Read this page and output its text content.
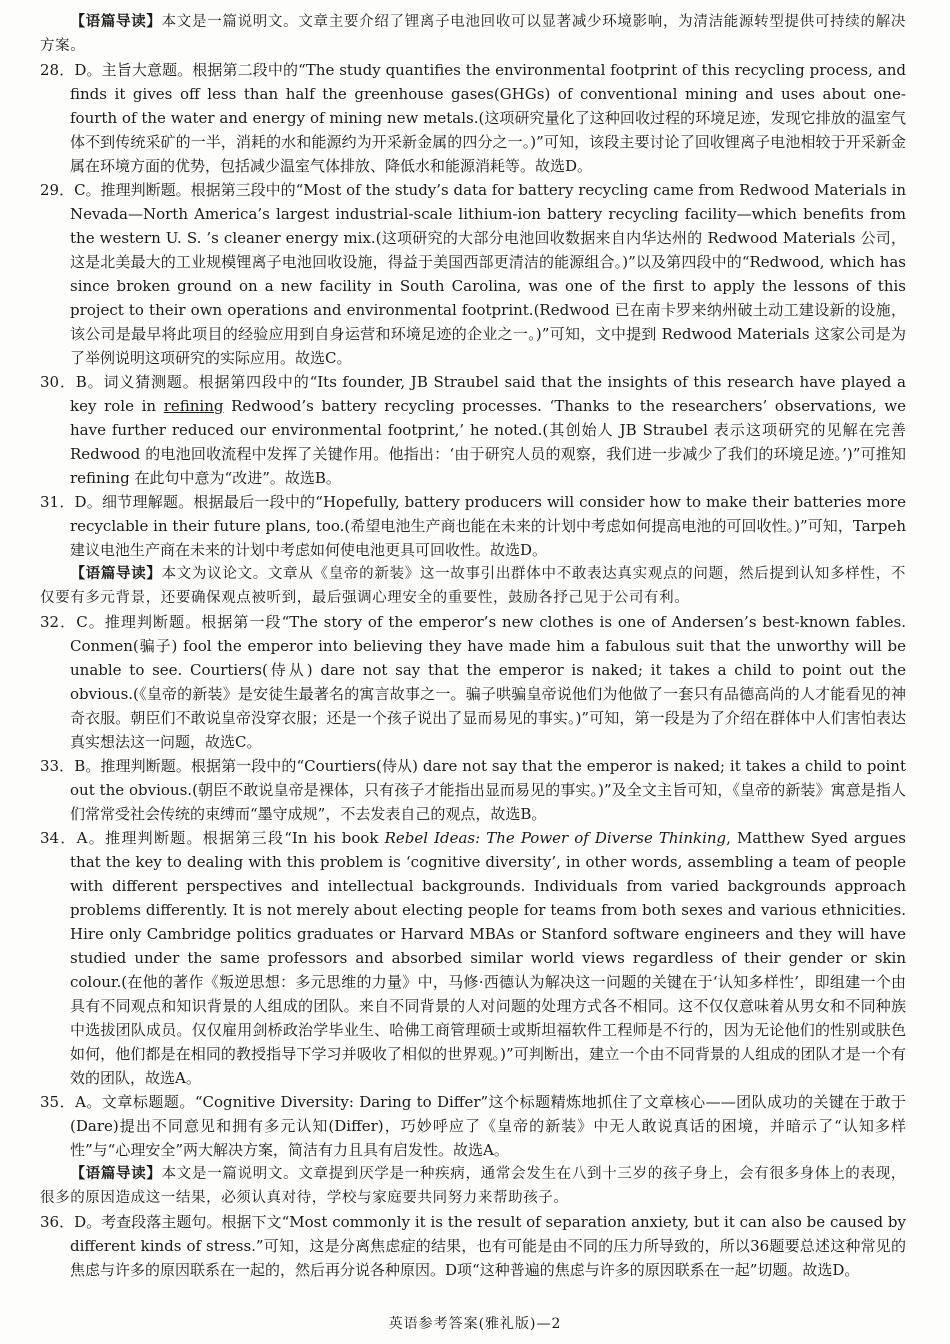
【语篇导读】本文是一篇说明文。文章主要介绍了锂离子电池回收可以显著减少环境影响，为清洁能源转型提供可持续的解决方案。

28．D。主旨大意题。根据第二段中的“The study quantifies the environmental footprint of this recycling process, and finds it gives off less than half the greenhouse gases(GHGs) of conventional mining and uses about one-fourth of the water and energy of mining new metals.(这项研究量化了这种回收过程的环境足迹，发现它排放的温室气体不到传统采矿的一半，消耗的水和能源约为开采新金属的四分之一。)”可知，该段主要讨论了回收锂离子电池相较于开采新金属在环境方面的优势，包括减少温室气体排放、降低水和能源消耗等。故选D。

29．C。推理判断题。根据第三段中的“Most of the study’s data for battery recycling came from Redwood Materials in Nevada—North America’s largest industrial-scale lithium-ion battery recycling facility—which benefits from the western U. S. ’s cleaner energy mix.(这项研究的大部分电池回收数据来自内华达州的 Redwood Materials 公司，这是北美最大的工业规模锂离子电池回收设施，得益于美国西部更清洁的能源组合。)”以及第四段中的“Redwood, which has since broken ground on a new facility in South Carolina, was one of the first to apply the lessons of this project to their own operations and environmental footprint.(Redwood 已在南卡罗来纳州破土动工建设新的设施，该公司是最早将此项目的经验应用到自身运营和环境足迹的企业之一。)”可知，文中提到 Redwood Materials 这家公司是为了举例说明这项研究的实际应用。故选C。

30．B。词义猜测题。根据第四段中的“Its founder, JB Straubel said that the insights of this research have played a key role in refining Redwood’s battery recycling processes. ‘Thanks to the researchers’ observations, we have further reduced our environmental footprint,’ he noted.(其创始人 JB Straubel 表示这项研究的见解在完善 Redwood 的电池回收流程中发挥了关键作用。他指出：‘由于研究人员的观察，我们进一步减少了我们的环境足迹。’)”可推知 refining 在此句中意为“改进”。故选B。

31．D。细节理解题。根据最后一段中的“Hopefully, battery producers will consider how to make their batteries more recyclable in their future plans, too.(希望电池生产商也能在未来的计划中考虑如何提高电池的可回收性。)”可知，Tarpeh 建议电池生产商在未来的计划中考虑如何使电池更具可回收性。故选D。

【语篇导读】本文为议论文。文章从《皇帝的新装》这一故事引出群体中不敢表达真实观点的问题，然后提到认知多样性，不仅要有多元背景，还要确保观点被听到，最后强调心理安全的重要性，鼓励各抒己见于公司有利。

32．C。推理判断题。根据第一段“The story of the emperor’s new clothes is one of Andersen’s best-known fables. Conmen(骗子) fool the emperor into believing they have made him a fabulous suit that the unworthy will be unable to see. Courtiers(侍从) dare not say that the emperor is naked; it takes a child to point out the obvious.(《皇帝的新装》是安徒生最著名的寓言故事之一。骗子哄骗皇帝说他们为他做了一套只有品德高尚的人才能看见的神奇衣服。朝臣们不敢说皇帝没穿衣服；还是一个孩子说出了显而易见的事实。)”可知，第一段是为了介绍在群体中人们害怕表达真实想法这一问题，故选C。

33．B。推理判断题。根据第一段中的“Courtiers(侍从) dare not say that the emperor is naked; it takes a child to point out the obvious.(朝臣不敢说皇帝是裸体，只有孩子才能指出显而易见的事实。)”及全文主旨可知，《皇帝的新装》寓意是指人们常常受社会传统的束缚而“墨守成规”，不去发表自己的观点，故选B。

34．A。推理判断题。根据第三段“In his book Rebel Ideas: The Power of Diverse Thinking, Matthew Syed argues that the key to dealing with this problem is ‘cognitive diversity’, in other words, assembling a team of people with different perspectives and intellectual backgrounds. Individuals from varied backgrounds approach problems differently. It is not merely about electing people for teams from both sexes and various ethnicities. Hire only Cambridge politics graduates or Harvard MBAs or Stanford software engineers and they will have studied under the same professors and absorbed similar world views regardless of their gender or skin colour.(在他的著作《叛逆思想：多元思维的力量》中，马修·西德认为解决这一问题的关键在于‘认知多样性’，即组建一个由具有不同观点和知识背景的人组成的团队。来自不同背景的人对问题的处理方式各不相同。这不仅仅意味着从男女和不同种族中选拔团队成员。仅仅雇用剑桥政治学毕业生、哈佛工商管理硕士或斯坦福软件工程师是不行的，因为无论他们的性别或肤色如何，他们都是在相同的教授指导下学习并吸收了相似的世界观。)”可判断出，建立一个由不同背景的人组成的团队才是一个有效的团队，故选A。

35．A。文章标题题。“Cognitive Diversity: Daring to Differ”这个标题精炼地抓住了文章核心——团队成功的关键在于敢于(Dare)提出不同意见和拥有多元认知(Differ)，巧妙呼应了《皇帝的新装》中无人敢说真话的困境，并暗示了“认知多样性”与“心理安全”两大解决方案，简洁有力且具有启发性。故选A。

【语篇导读】本文是一篇说明文。文章提到厌学是一种疾病，通常会发生在八到十三岁的孩子身上，会有很多身体上的表现，很多的原因造成这一结果，必须认真对待，学校与家庭要共同努力来帮助孩子。

36．D。考查段落主题句。根据下文“Most commonly it is the result of separation anxiety, but it can also be caused by different kinds of stress.”可知，这是分离焦虑症的结果，也有可能是由不同的压力所导致的，所以36题要总述这种常见的焦虑与许多的原因联系在一起的，然后再分说各种原因。D项“这种普遍的焦虑与许多的原因联系在一起”切题。故选D。

英语参考答案(雅礼版)—2
